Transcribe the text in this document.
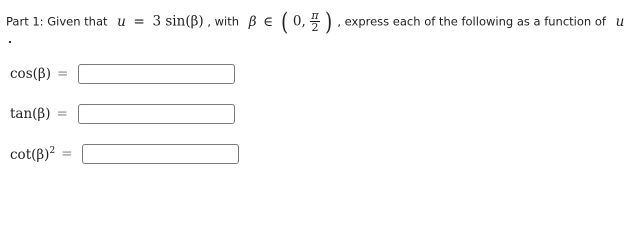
Part 1: Given that u = 3 sin(β) , with β ∈ ( 0, $\frac{\pi}{2}$ ) , express each of the following as a function of u
cos(β) =
tan(β) =
$\cot(\beta)^2$ =
